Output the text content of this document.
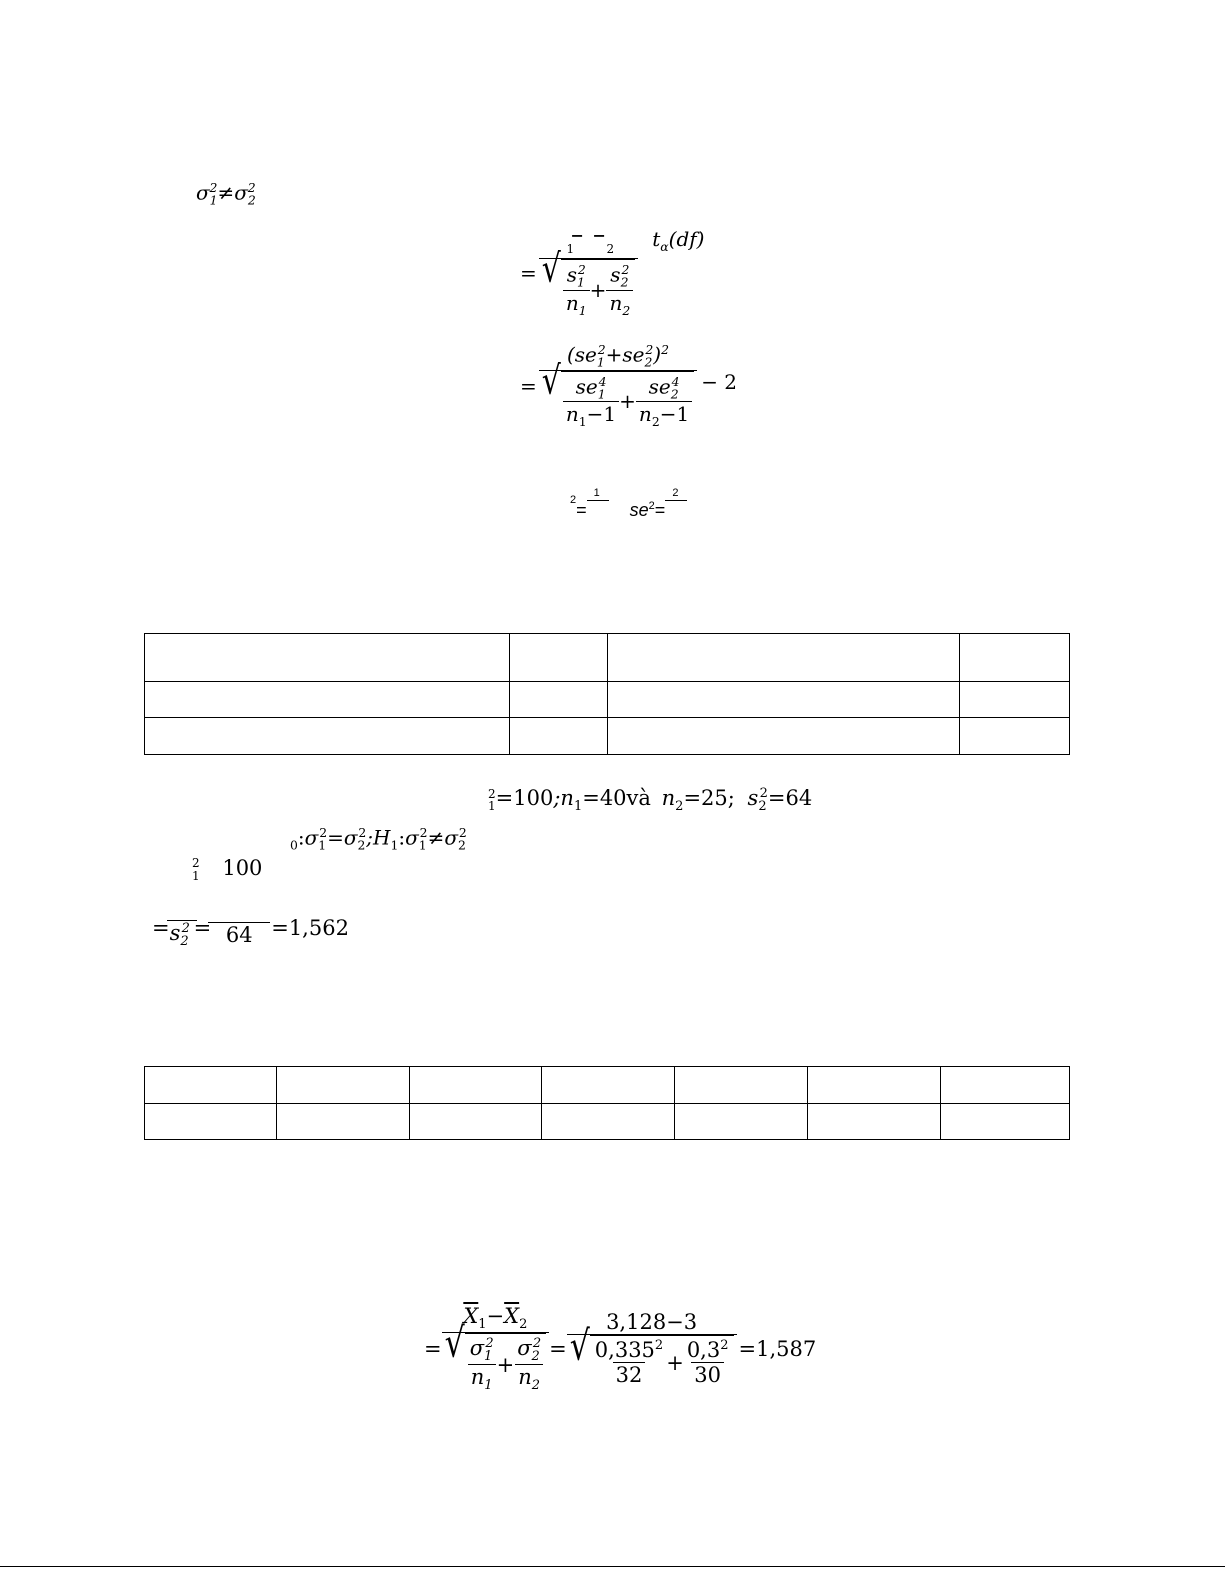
$\sigma_1^2\ne\sigma_2^2$
= − −
1	2
√ $\frac{s_1^2}{n_1} + \frac{s_2^2}{n_2} t_\alpha(df)$
= $\frac{(se_1^2+se_2^2)^2}{√ \frac{se_1^4}{n_1-1} + \frac{se_2^4}{n_2-1}} - 2$
$^2$=1 $se^2=2$

2
$1 =100;n_1=40và$ $n_2=25$; $s_2^2=64$
$_0:\sigma_1^2=\sigma_2^2;H_1:\sigma_1^2\ne\sigma_2^2$
2
1 100
= $s_2^2 = 64 =1,562$

= $\frac{\overline{X}_1-\overline{X}_2}{√ \frac{\sigma_1^2}{n_1} + \frac{\sigma_2^2}{n_2}} = \frac{3,128-3}{√ \frac{0,335^2}{32} + \frac{0,3^2}{30}} =1,587$
